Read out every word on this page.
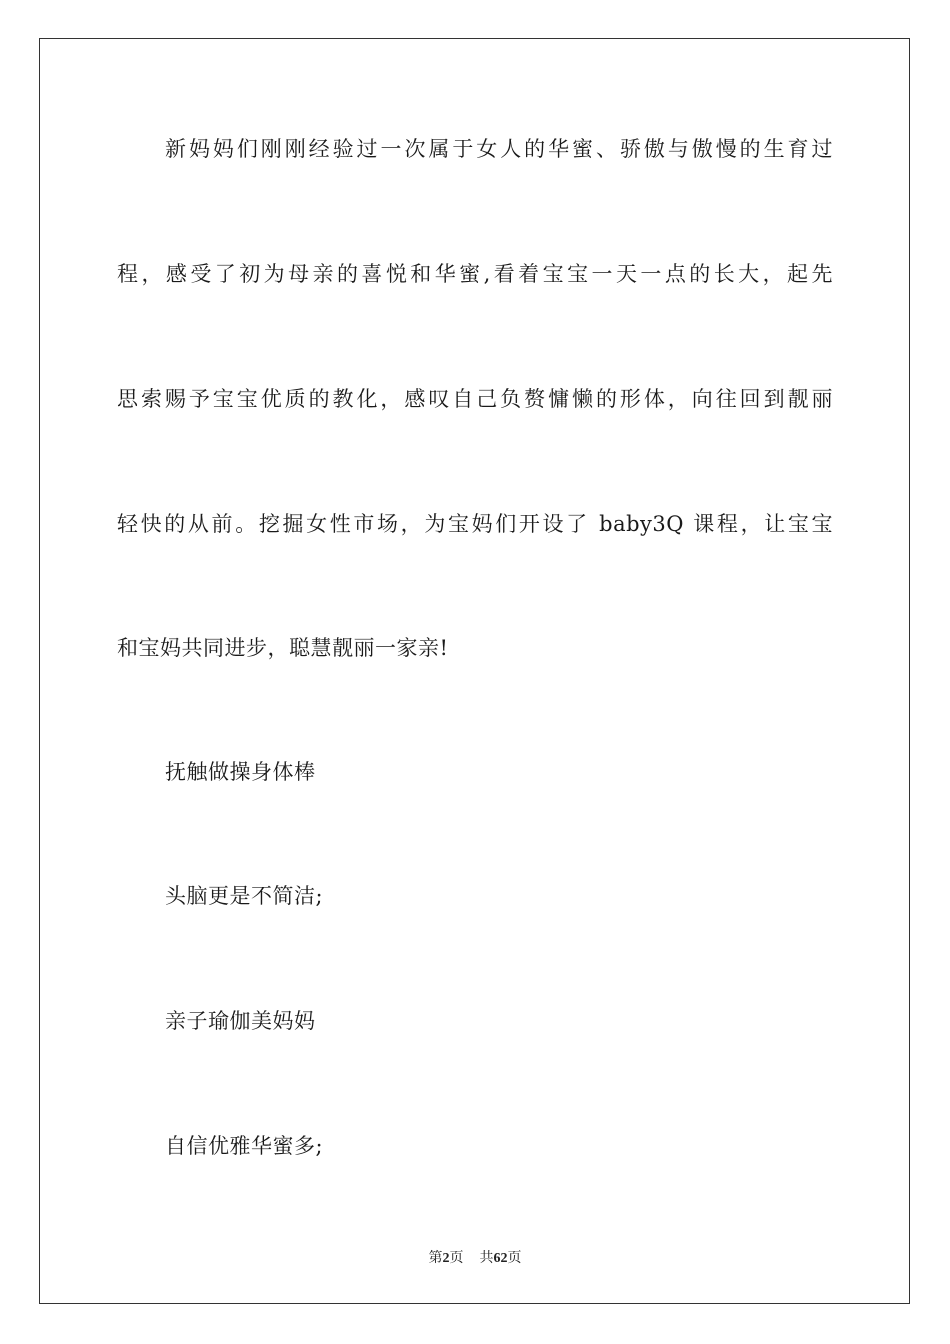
新妈妈们刚刚经验过一次属于女人的华蜜、骄傲与傲慢的生育过
程，感受了初为母亲的喜悦和华蜜,看着宝宝一天一点的长大，起先
思索赐予宝宝优质的教化，感叹自己负赘慵懒的形体，向往回到靓丽
轻快的从前。挖掘女性市场，为宝妈们开设了 baby3Q 课程，让宝宝
和宝妈共同进步，聪慧靓丽一家亲!
抚触做操身体棒
头脑更是不简洁;
亲子瑜伽美妈妈
自信优雅华蜜多;
第2页 共62页
